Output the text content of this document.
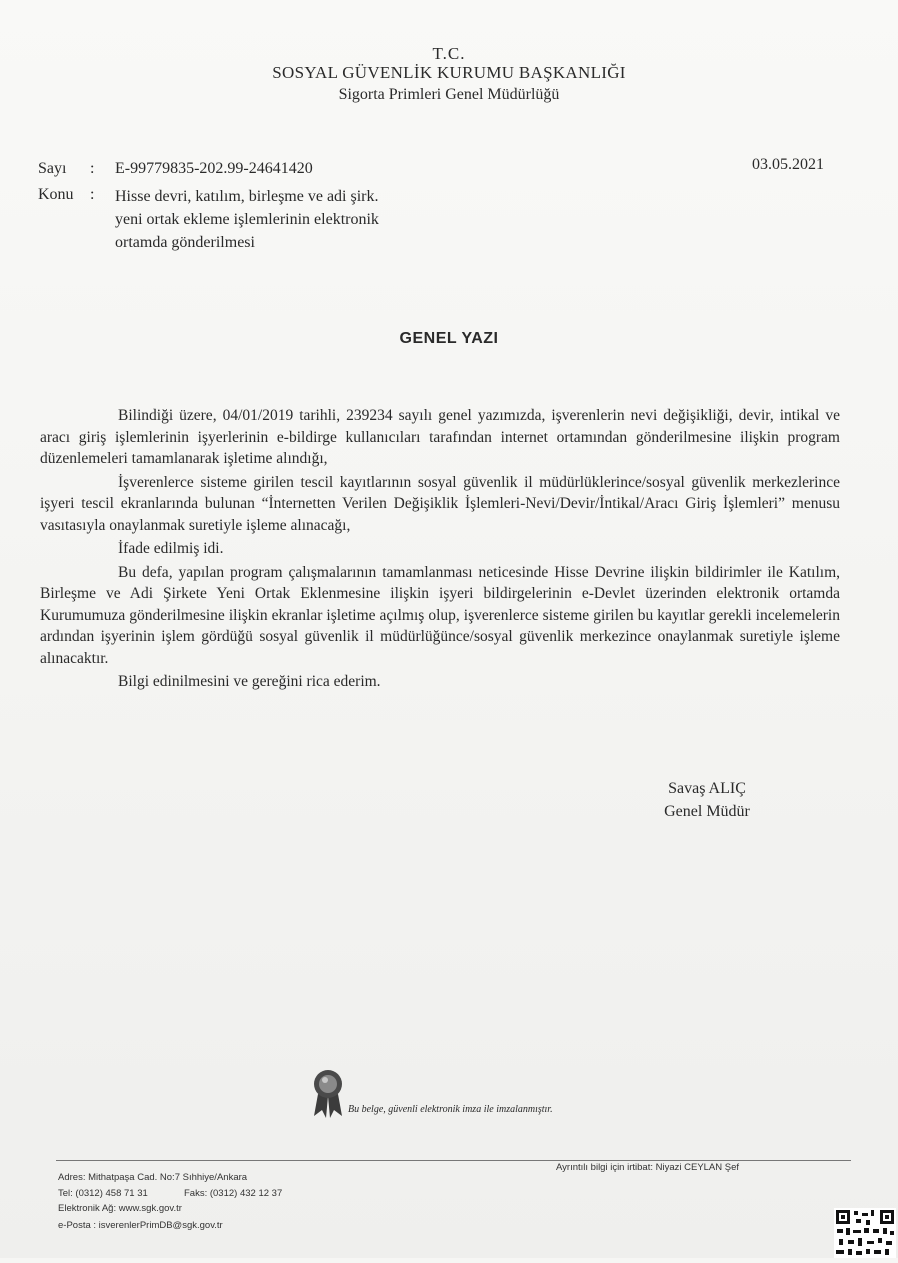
T.C.
SOSYAL GÜVENLİK KURUMU BAŞKANLIĞI
Sigorta Primleri Genel Müdürlüğü
Sayı : E-99779835-202.99-24641420	03.05.2021
Konu : Hisse devri, katılım, birleşme ve adi şirk.
yeni ortak ekleme işlemlerinin elektronik
ortamda gönderilmesi
GENEL YAZI

Bilindiği üzere, 04/01/2019 tarihli, 239234 sayılı genel yazımızda, işverenlerin nevi değişikliği, devir, intikal ve aracı giriş işlemlerinin işyerlerinin e-bildirge kullanıcıları tarafından internet ortamından gönderilmesine ilişkin program düzenlemeleri tamamlanarak işletime alındığı,

İşverenlerce sisteme girilen tescil kayıtlarının sosyal güvenlik il müdürlüklerince/sosyal güvenlik merkezlerince işyeri tescil ekranlarında bulunan “İnternetten Verilen Değişiklik İşlemleri-Nevi/Devir/İntikal/Aracı Giriş İşlemleri” menusu vasıtasıyla onaylanmak suretiyle işleme alınacağı,

İfade edilmiş idi.

Bu defa, yapılan program çalışmalarının tamamlanması neticesinde Hisse Devrine ilişkin bildirimler ile Katılım, Birleşme ve Adi Şirkete Yeni Ortak Eklenmesine ilişkin işyeri bildirgelerinin e-Devlet üzerinden elektronik ortamda Kurumumuza gönderilmesine ilişkin ekranlar işletime açılmış olup, işverenlerce sisteme girilen bu kayıtlar gerekli incelemelerin ardından işyerinin işlem gördüğü sosyal güvenlik il müdürlüğünce/sosyal güvenlik merkezince onaylanmak suretiyle işleme alınacaktır.

Bilgi edinilmesini ve gereğini rica ederim.

Savaş ALIÇ
Genel Müdür
Bu belge, güvenli elektronik imza ile imzalanmıştır.
Ayrıntılı bilgi için irtibat: Niyazi CEYLAN Şef
Adres: Mithatpaşa Cad. No:7 Sıhhiye/Ankara
Tel: (0312) 458 71 31	Faks: (0312) 432 12 37
Elektronik Ağ: www.sgk.gov.tr
e-Posta : isverenlerPrimDB@sgk.gov.tr
